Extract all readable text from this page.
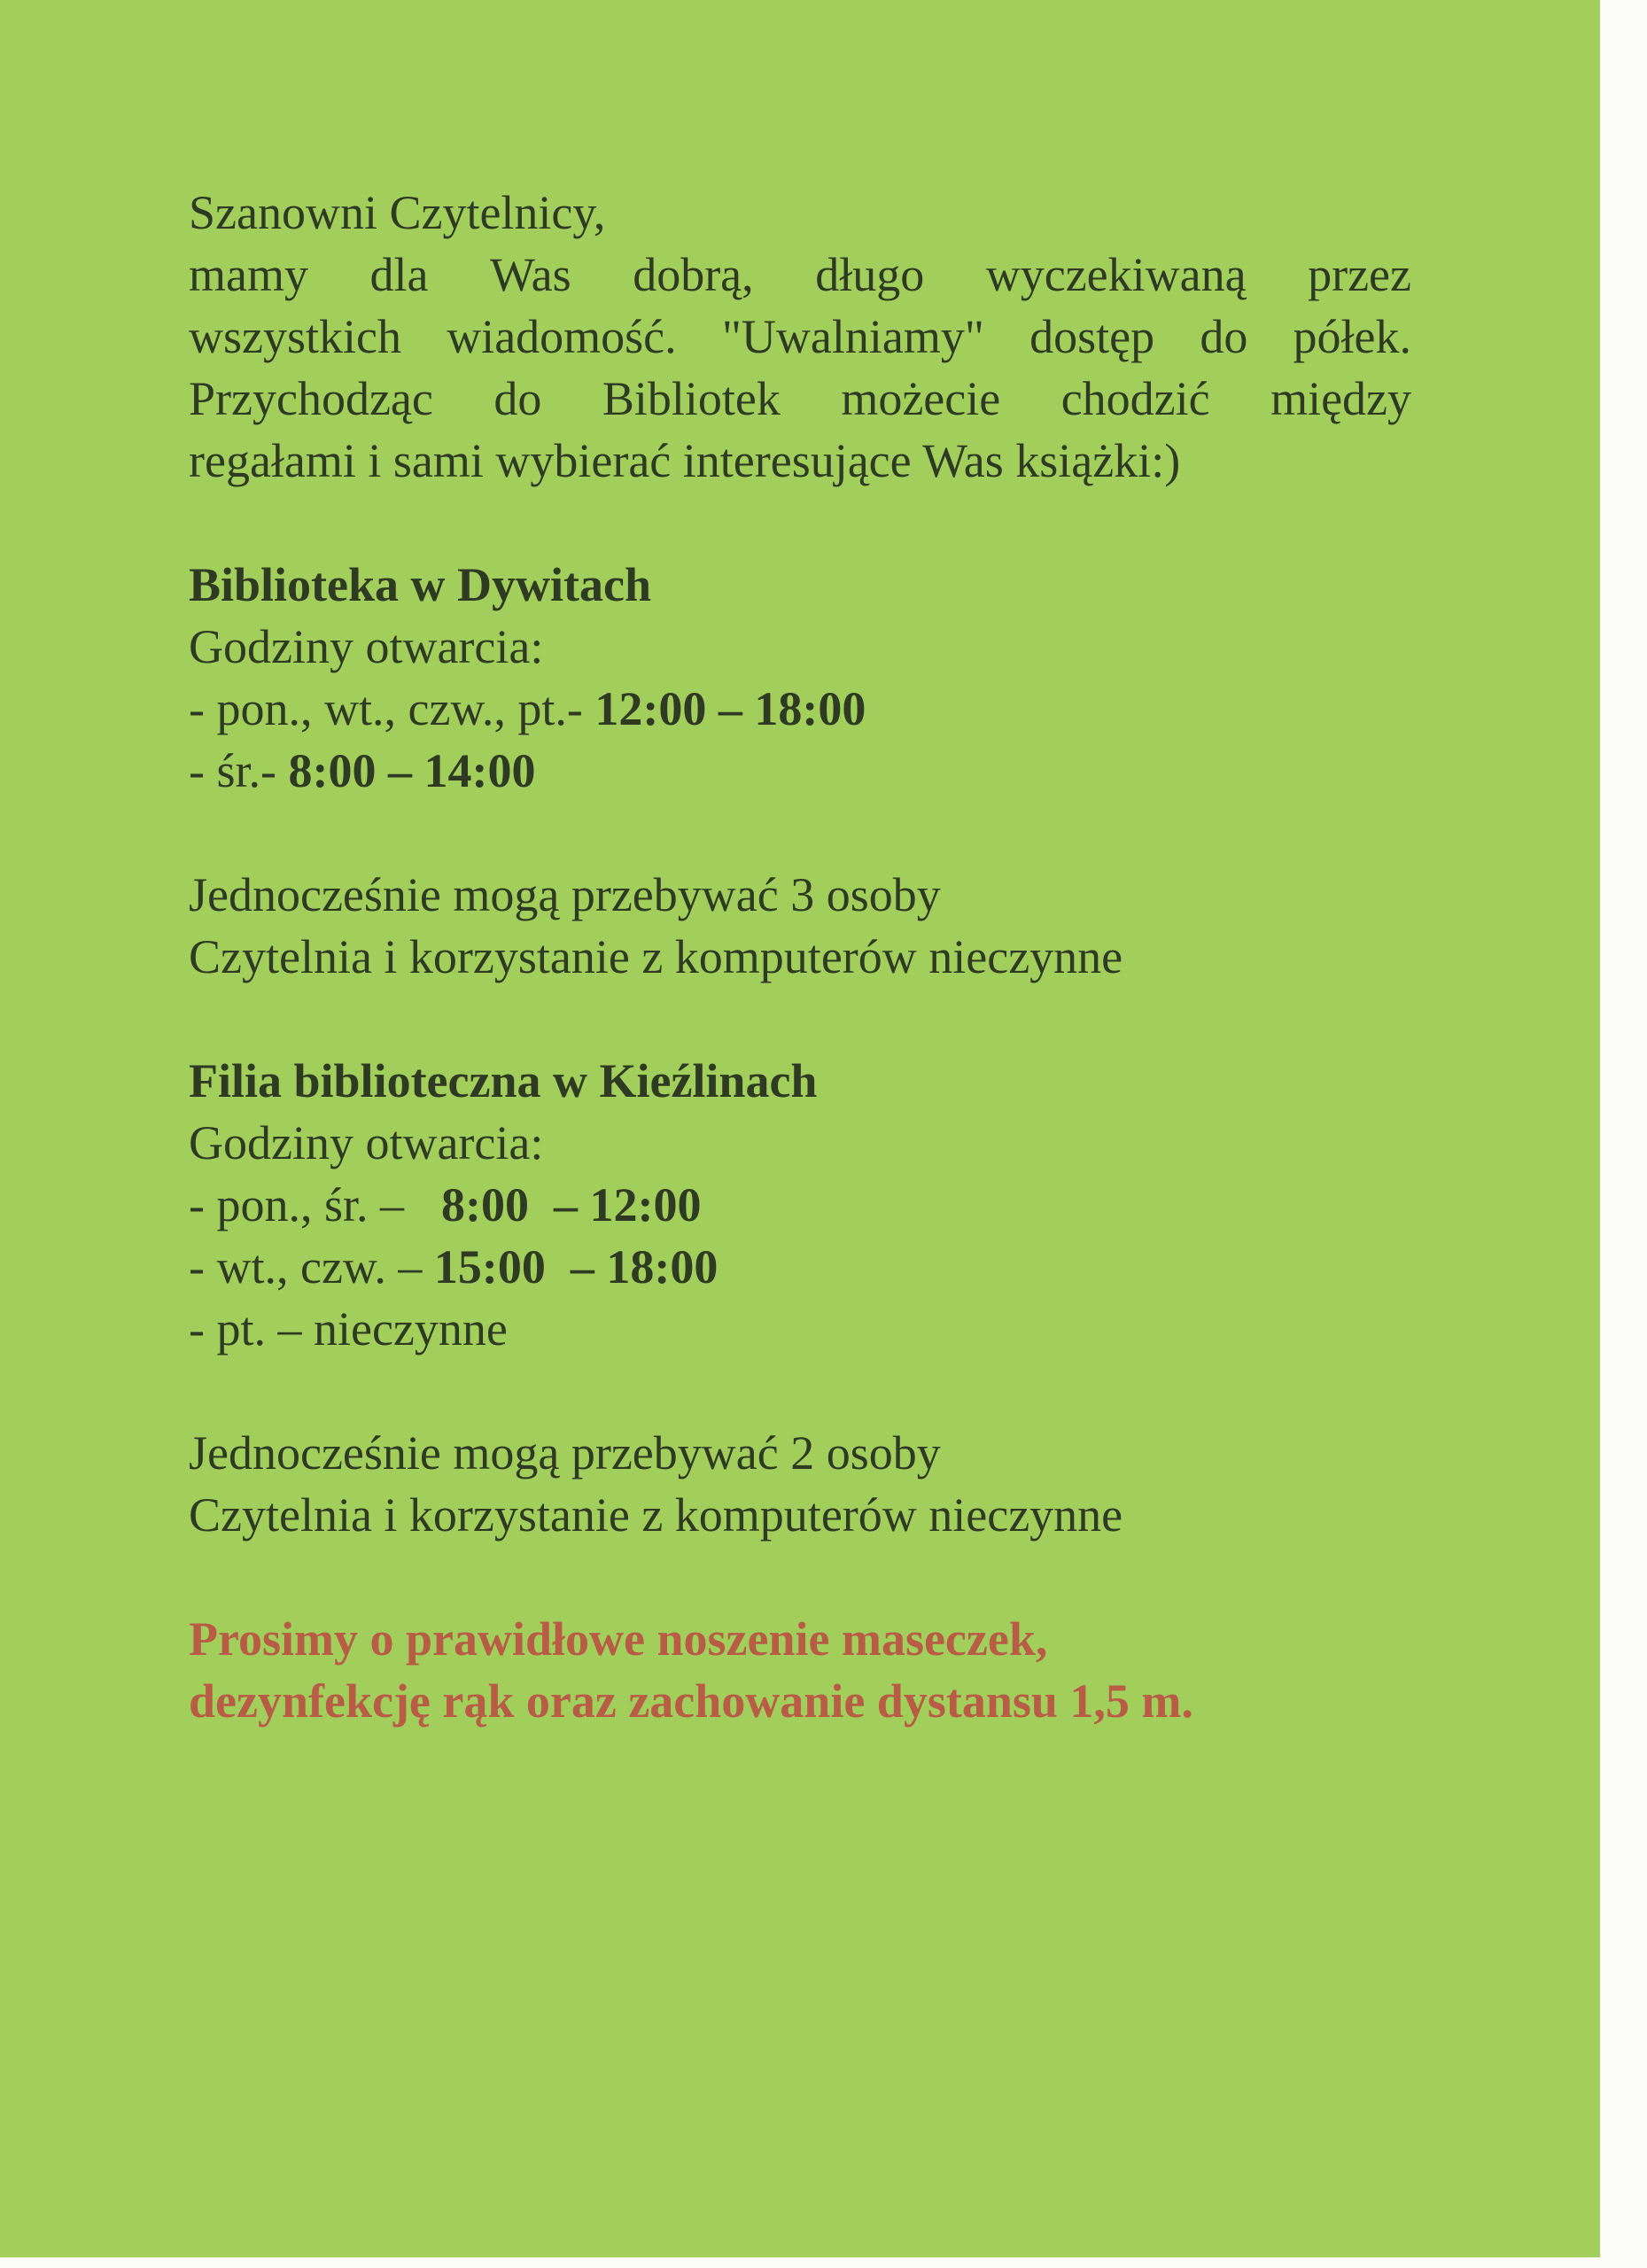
Szanowni Czytelnicy,
mamy dla Was dobrą, długo wyczekiwaną przez
wszystkich wiadomość. "Uwalniamy" dostęp do półek.
Przychodząc do Bibliotek możecie chodzić między
regałami i sami wybierać interesujące Was książki:)
Biblioteka w Dywitach
Godziny otwarcia:
- pon., wt., czw., pt.- 12:00 – 18:00
- śr.- 8:00 – 14:00
Jednocześnie mogą przebywać 3 osoby
Czytelnia i korzystanie z komputerów nieczynne
Filia biblioteczna w Kieźlinach
Godziny otwarcia:
- pon., śr. – 8:00 – 12:00
- wt., czw. – 15:00 – 18:00
- pt. – nieczynne
Jednocześnie mogą przebywać 2 osoby
Czytelnia i korzystanie z komputerów nieczynne
Prosimy o prawidłowe noszenie maseczek,
dezynfekcję rąk oraz zachowanie dystansu 1,5 m.
